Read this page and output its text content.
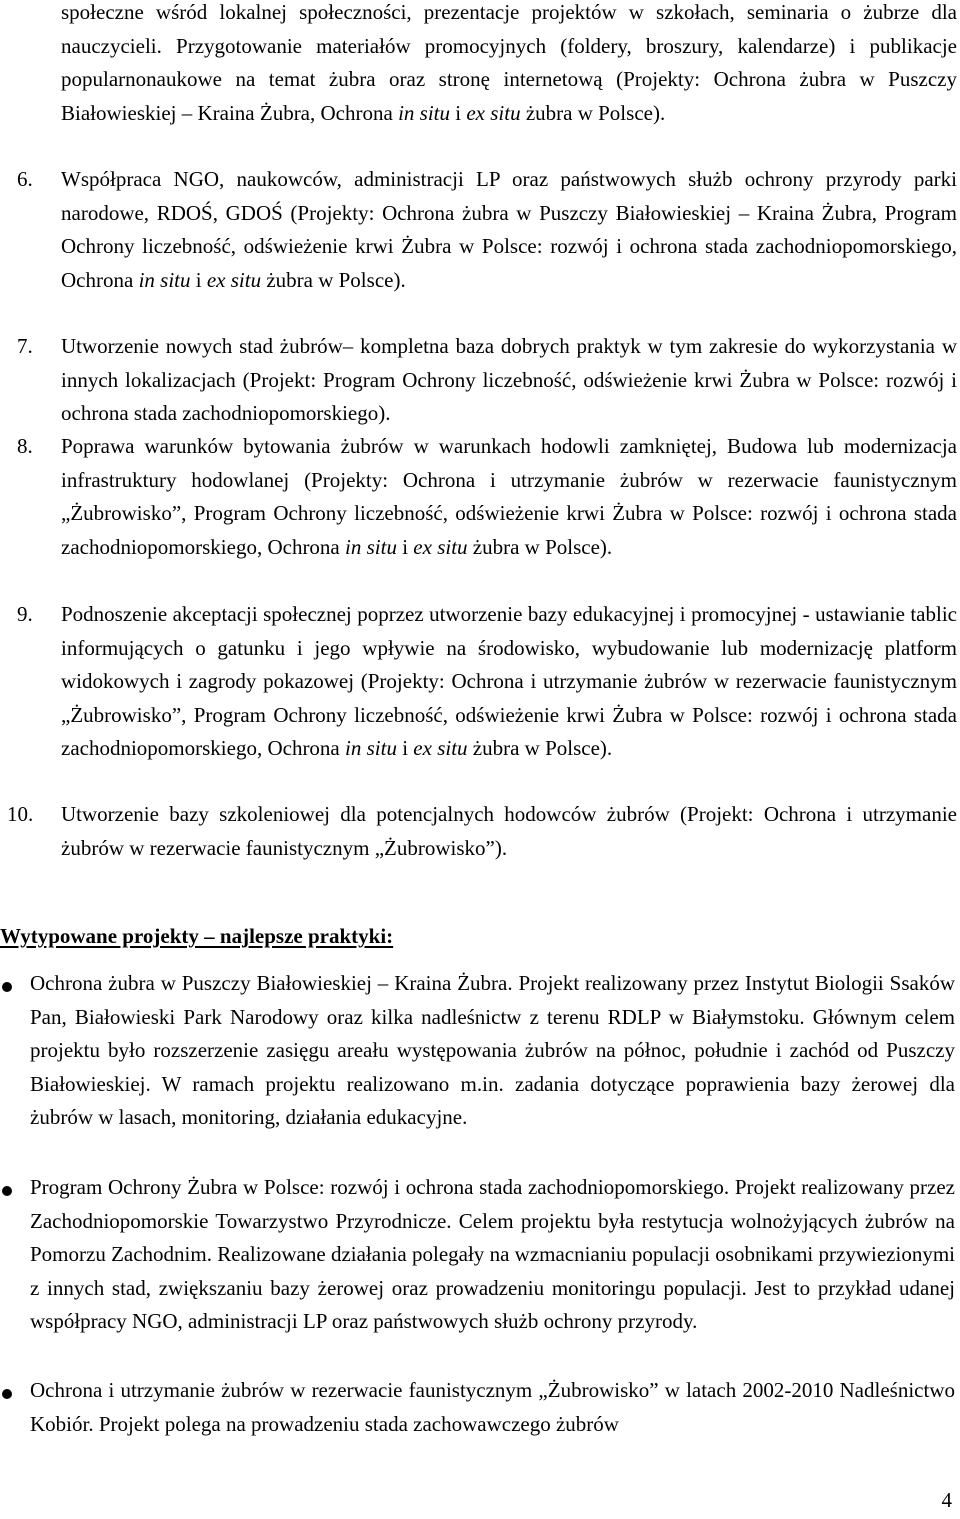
społeczne wśród lokalnej społeczności, prezentacje projektów w szkołach, seminaria o żubrze dla nauczycieli. Przygotowanie materiałów promocyjnych (foldery, broszury, kalendarze) i publikacje popularnonaukowe na temat żubra oraz stronę internetową (Projekty: Ochrona żubra w Puszczy Białowieskiej – Kraina Żubra, Ochrona in situ i ex situ żubra w Polsce).
6. Współpraca NGO, naukowców, administracji LP oraz państwowych służb ochrony przyrody parki narodowe, RDOŚ, GDOŚ (Projekty: Ochrona żubra w Puszczy Białowieskiej – Kraina Żubra, Program Ochrony liczebność, odświeżenie krwi Żubra w Polsce: rozwój i ochrona stada zachodniopomorskiego, Ochrona in situ i ex situ żubra w Polsce).
7. Utworzenie nowych stad żubrów– kompletna baza dobrych praktyk w tym zakresie do wykorzystania w innych lokalizacjach (Projekt: Program Ochrony liczebność, odświeżenie krwi Żubra w Polsce: rozwój i ochrona stada zachodniopomorskiego).
8. Poprawa warunków bytowania żubrów w warunkach hodowli zamkniętej, Budowa lub modernizacja infrastruktury hodowlanej (Projekty: Ochrona i utrzymanie żubrów w rezerwacie faunistycznym „Żubrowisko”, Program Ochrony liczebność, odświeżenie krwi Żubra w Polsce: rozwój i ochrona stada zachodniopomorskiego, Ochrona in situ i ex situ żubra w Polsce).
9. Podnoszenie akceptacji społecznej poprzez utworzenie bazy edukacyjnej i promocyjnej - ustawianie tablic informujących o gatunku i jego wpływie na środowisko, wybudowanie lub modernizację platform widokowych i zagrody pokazowej (Projekty: Ochrona i utrzymanie żubrów w rezerwacie faunistycznym „Żubrowisko”, Program Ochrony liczebność, odświeżenie krwi Żubra w Polsce: rozwój i ochrona stada zachodniopomorskiego, Ochrona in situ i ex situ żubra w Polsce).
10. Utworzenie bazy szkoleniowej dla potencjalnych hodowców żubrów (Projekt: Ochrona i utrzymanie żubrów w rezerwacie faunistycznym „Żubrowisko”).
Wytypowane projekty – najlepsze praktyki:
Ochrona żubra w Puszczy Białowieskiej – Kraina Żubra. Projekt realizowany przez Instytut Biologii Ssaków Pan, Białowieski Park Narodowy oraz kilka nadleśnictw z terenu RDLP w Białymstoku. Głównym celem projektu było rozszerzenie zasięgu areału występowania żubrów na północ, południe i zachód od Puszczy Białowieskiej. W ramach projektu realizowano m.in. zadania dotyczące poprawienia bazy żerowej dla żubrów w lasach, monitoring, działania edukacyjne.
Program Ochrony Żubra w Polsce: rozwój i ochrona stada zachodniopomorskiego. Projekt realizowany przez Zachodniopomorskie Towarzystwo Przyrodnicze. Celem projektu była restytucja wolnożyjących żubrów na Pomorzu Zachodnim. Realizowane działania polegały na wzmacnianiu populacji osobnikami przywiezionymi z innych stad, zwiększaniu bazy żerowej oraz prowadzeniu monitoringu populacji. Jest to przykład udanej współpracy NGO, administracji LP oraz państwowych służb ochrony przyrody.
Ochrona i utrzymanie żubrów w rezerwacie faunistycznym „Żubrowisko” w latach 2002-2010 Nadleśnictwo Kobiór. Projekt polega na prowadzeniu stada zachowawczego żubrów
4
